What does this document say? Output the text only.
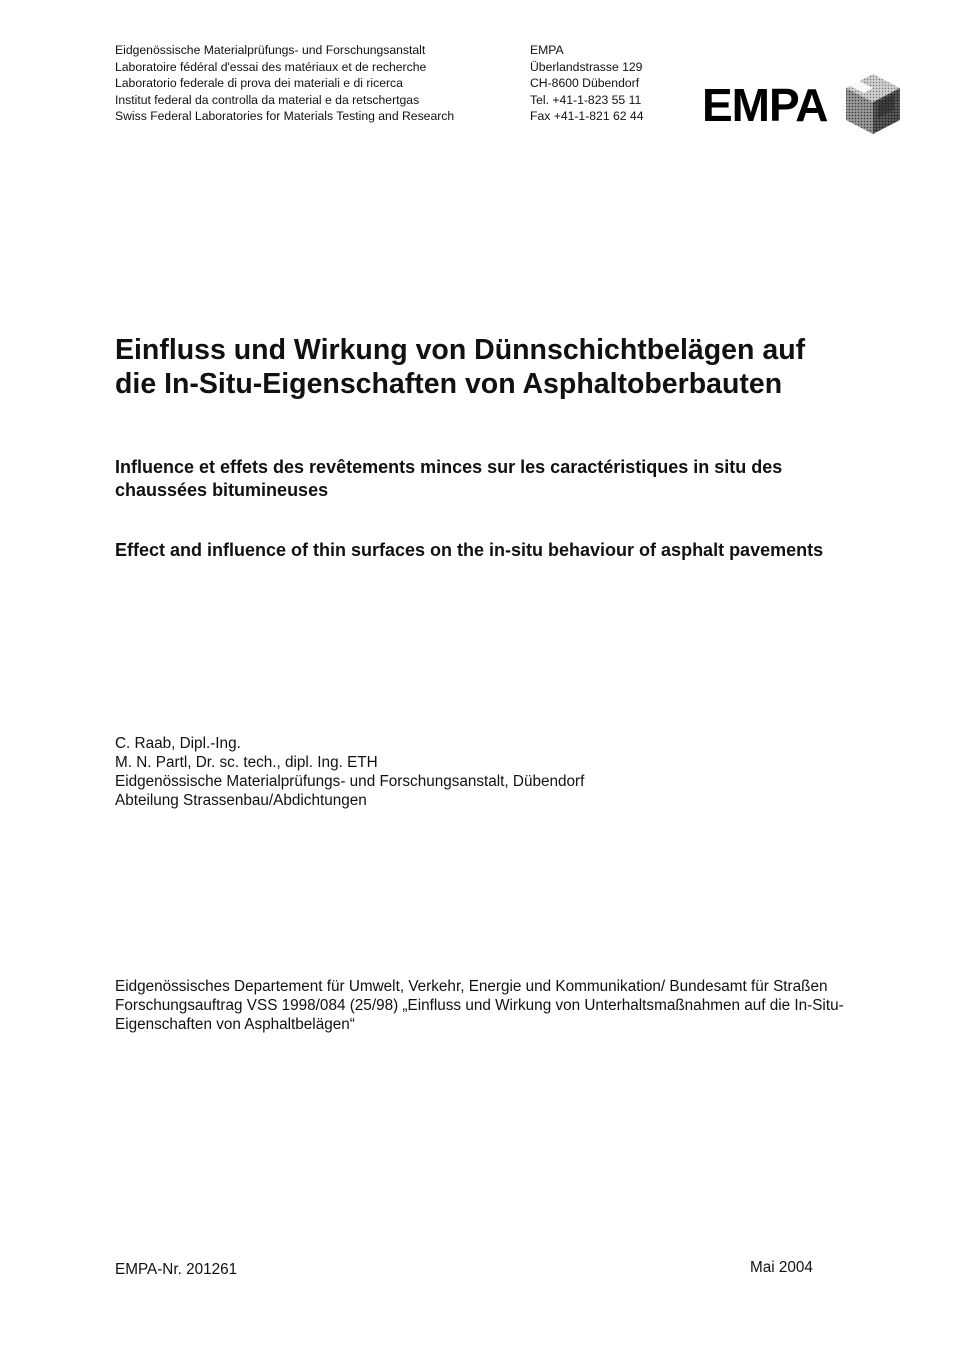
Eidgenössische Materialprüfungs- und Forschungsanstalt
Laboratoire fédéral d'essai des matériaux et de recherche
Laboratorio federale di prova dei materiali e di ricerca
Institut federal da controlla da material e da retschertgas
Swiss Federal Laboratories for Materials Testing and Research
EMPA
Überlandstrasse 129
CH-8600 Dübendorf
Tel. +41-1-823 55 11
Fax +41-1-821 62 44 EMPA
Einfluss und Wirkung von Dünnschichtbelägen auf
die In-Situ-Eigenschaften von Asphaltoberbauten
Influence et effets des revêtements minces sur les caractéristiques in situ des chaussées bitumineuses
Effect and influence of thin surfaces on the in-situ behaviour of asphalt pavements
C. Raab, Dipl.-Ing.
M. N. Partl, Dr. sc. tech., dipl. Ing. ETH
Eidgenössische Materialprüfungs- und Forschungsanstalt, Dübendorf
Abteilung Strassenbau/Abdichtungen
Eidgenössisches Departement für Umwelt, Verkehr, Energie und Kommunikation/ Bundesamt für Straßen
Forschungsauftrag VSS 1998/084 (25/98) „Einfluss und Wirkung von Unterhaltsmaßnahmen auf die In-Situ-Eigenschaften von Asphaltbelägen“
EMPA-Nr. 201261	Mai 2004
